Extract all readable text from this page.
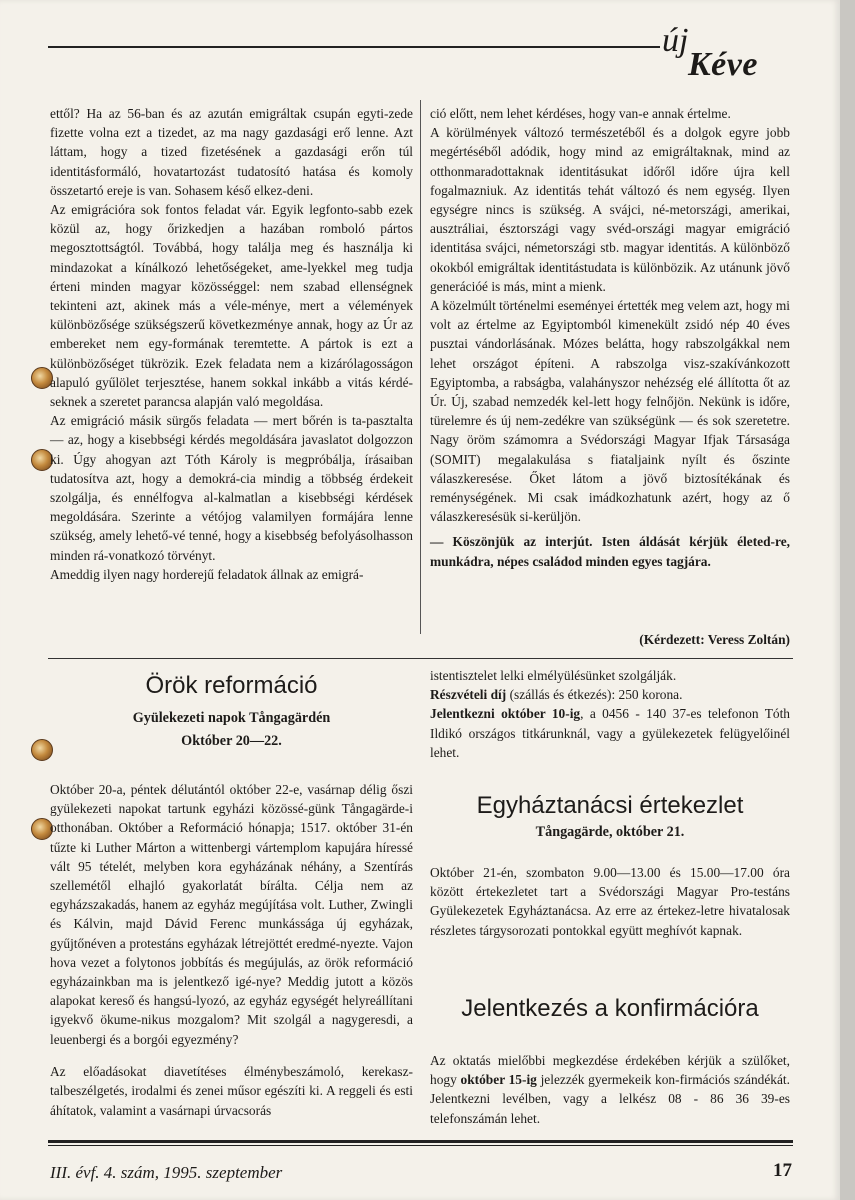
új
Kéve

ettől? Ha az 56-ban és az azután emigráltak csupán egyti-zede fizette volna ezt a tizedet, az ma nagy gazdasági erő lenne. Azt láttam, hogy a tized fizetésének a gazdasági erőn túl identitásformáló, hovatartozást tudatosító hatása és komoly összetartó ereje is van. Sohasem késő elkez-deni.

Az emigrációra sok fontos feladat vár. Egyik legfonto-sabb ezek közül az, hogy őrizkedjen a hazában romboló pártos megosztottságtól. Továbbá, hogy találja meg és használja ki mindazokat a kínálkozó lehetőségeket, ame-lyekkel meg tudja érteni minden magyar közösséggel: nem szabad ellenségnek tekinteni azt, akinek más a véle-ménye, mert a vélemények különbözősége szükségszerű következménye annak, hogy az Úr az embereket nem egy-formának teremtette. A pártok is ezt a különbözőséget tükrözik. Ezek feladata nem a kizárólagosságon alapuló gyűlölet terjesztése, hanem sokkal inkább a vitás kérdé-seknek a szeretet parancsa alapján való megoldása.

Az emigráció másik sürgős feladata — mert bőrén is ta-pasztalta — az, hogy a kisebbségi kérdés megoldására javaslatot dolgozzon ki. Úgy ahogyan azt Tóth Károly is megpróbálja, írásaiban tudatosítva azt, hogy a demokrá-cia mindig a többség érdekeit szolgálja, és ennélfogva al-kalmatlan a kisebbségi kérdések megoldására. Szerinte a vétójog valamilyen formájára lenne szükség, amely lehető-vé tenné, hogy a kisebbség befolyásolhasson minden rá-vonatkozó törvényt.

Ameddig ilyen nagy horderejű feladatok állnak az emigrá-

ció előtt, nem lehet kérdéses, hogy van-e annak értelme.

A körülmények változó természetéből és a dolgok egyre jobb megértéséből adódik, hogy mind az emigráltaknak, mind az otthonmaradottaknak identitásukat időről időre újra kell fogalmazniuk. Az identitás tehát változó és nem egység. Ilyen egységre nincs is szükség. A svájci, né-metországi, amerikai, ausztráliai, észtországi vagy svéd-országi magyar emigráció identitása svájci, németországi stb. magyar identitás. A különböző okokból emigráltak identitástudata is különbözik. Az utánunk jövő generációé is más, mint a mienk.

A közelmúlt történelmi eseményei értették meg velem azt, hogy mi volt az értelme az Egyiptomból kimenekült zsidó nép 40 éves pusztai vándorlásának. Mózes belátta, hogy rabszolgákkal nem lehet országot építeni. A rabszolga visz-szakívánkozott Egyiptomba, a rabságba, valahányszor nehézség elé állította őt az Úr. Új, szabad nemzedék kel-lett hogy felnőjön. Nekünk is időre, türelemre és új nem-zedékre van szükségünk — és sok szeretetre. Nagy öröm számomra a Svédországi Magyar Ifjak Társasága (SOMIT) megalakulása s fiataljaink nyílt és őszinte válaszkeresése. Őket látom a jövő biztosítékának és reménységének. Mi csak imádkozhatunk azért, hogy az ő válaszkeresésük si-kerüljön.

— Köszönjük az interjút. Isten áldását kérjük életed-re, munkádra, népes családod minden egyes tagjára.

(Kérdezett: Veress Zoltán)
Örök reformáció

Gyülekezeti napok Tångagärdén

Október 20—22.

Október 20-a, péntek délutántól október 22-e, vasárnap délig őszi gyülekezeti napokat tartunk egyházi közössé-günk Tångagärde-i otthonában. Október a Reformáció hónapja; 1517. október 31-én tűzte ki Luther Márton a wittenbergi vártemplom kapujára híressé vált 95 tételét, melyben kora egyházának néhány, a Szentírás szellemétől elhajló gyakorlatát bírálta. Célja nem az egyházszakadás, hanem az egyház megújítása volt. Luther, Zwingli és Kálvin, majd Dávid Ferenc munkássága új egyházak, gyűjtőnéven a protestáns egyházak létrejöttét eredmé-nyezte. Vajon hova vezet a folytonos jobbítás és megújulás, az örök reformáció egyházainkban ma is jelentkező igé-nye? Meddig jutott a közös alapokat kereső és hangsú-lyozó, az egyház egységét helyreállítani igyekvő ökume-nikus mozgalom? Mit szolgál a nagygeresdi, a leuenbergi és a borgói egyezmény?

Az előadásokat diavetítéses élménybeszámoló, kerekasz-talbeszélgetés, irodalmi és zenei műsor egészíti ki. A reggeli és esti áhítatok, valamint a vasárnapi úrvacsorás

istentisztelet lelki elmélyülésünket szolgálják.

Részvételi díj (szállás és étkezés): 250 korona.

Jelentkezni október 10-ig, a 0456 - 140 37-es telefonon Tóth Ildikó országos titkárunknál, vagy a gyülekezetek felügyelőinél lehet.

Egyháztanácsi értekezlet

Tångagärde, október 21.

Október 21-én, szombaton 9.00—13.00 és 15.00—17.00 óra között értekezletet tart a Svédországi Magyar Pro-testáns Gyülekezetek Egyháztanácsa. Az erre az értekez-letre hivatalosak részletes tárgysorozati pontokkal együtt meghívót kapnak.
Jelentkezés a konfirmációra
Az oktatás mielőbbi megkezdése érdekében kérjük a szülőket, hogy október 15-ig jelezzék gyermekeik kon-firmációs szándékát. Jelentkezni levélben, vagy a lelkész 08 - 86 36 39-es telefonszámán lehet.
III. évf. 4. szám, 1995. szeptember	17
